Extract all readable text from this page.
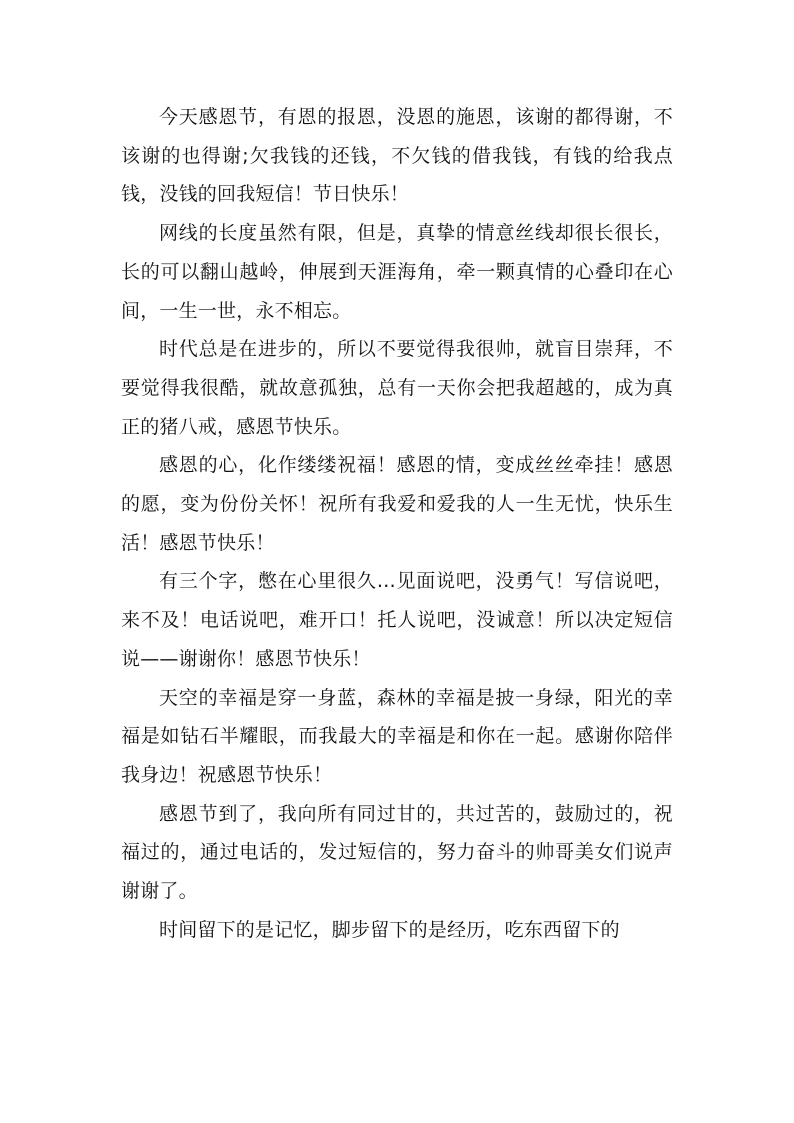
今天感恩节，有恩的报恩，没恩的施恩，该谢的都得谢，不该谢的也得谢;欠我钱的还钱，不欠钱的借我钱，有钱的给我点钱，没钱的回我短信！节日快乐！

网线的长度虽然有限，但是，真挚的情意丝线却很长很长，长的可以翻山越岭，伸展到天涯海角，牵一颗真情的心叠印在心间，一生一世，永不相忘。

时代总是在进步的，所以不要觉得我很帅，就盲目崇拜，不要觉得我很酷，就故意孤独，总有一天你会把我超越的，成为真正的猪八戒，感恩节快乐。

感恩的心，化作缕缕祝福！感恩的情，变成丝丝牵挂！感恩的愿，变为份份关怀！祝所有我爱和爱我的人一生无忧，快乐生活！感恩节快乐！

有三个字，憋在心里很久…见面说吧，没勇气！写信说吧，来不及！电话说吧，难开口！托人说吧，没诚意！所以决定短信说——谢谢你！感恩节快乐！

天空的幸福是穿一身蓝，森林的幸福是披一身绿，阳光的幸福是如钻石半耀眼，而我最大的幸福是和你在一起。感谢你陪伴我身边！祝感恩节快乐！

感恩节到了，我向所有同过甘的，共过苦的，鼓励过的，祝福过的，通过电话的，发过短信的，努力奋斗的帅哥美女们说声谢谢了。

时间留下的是记忆，脚步留下的是经历，吃东西留下的
